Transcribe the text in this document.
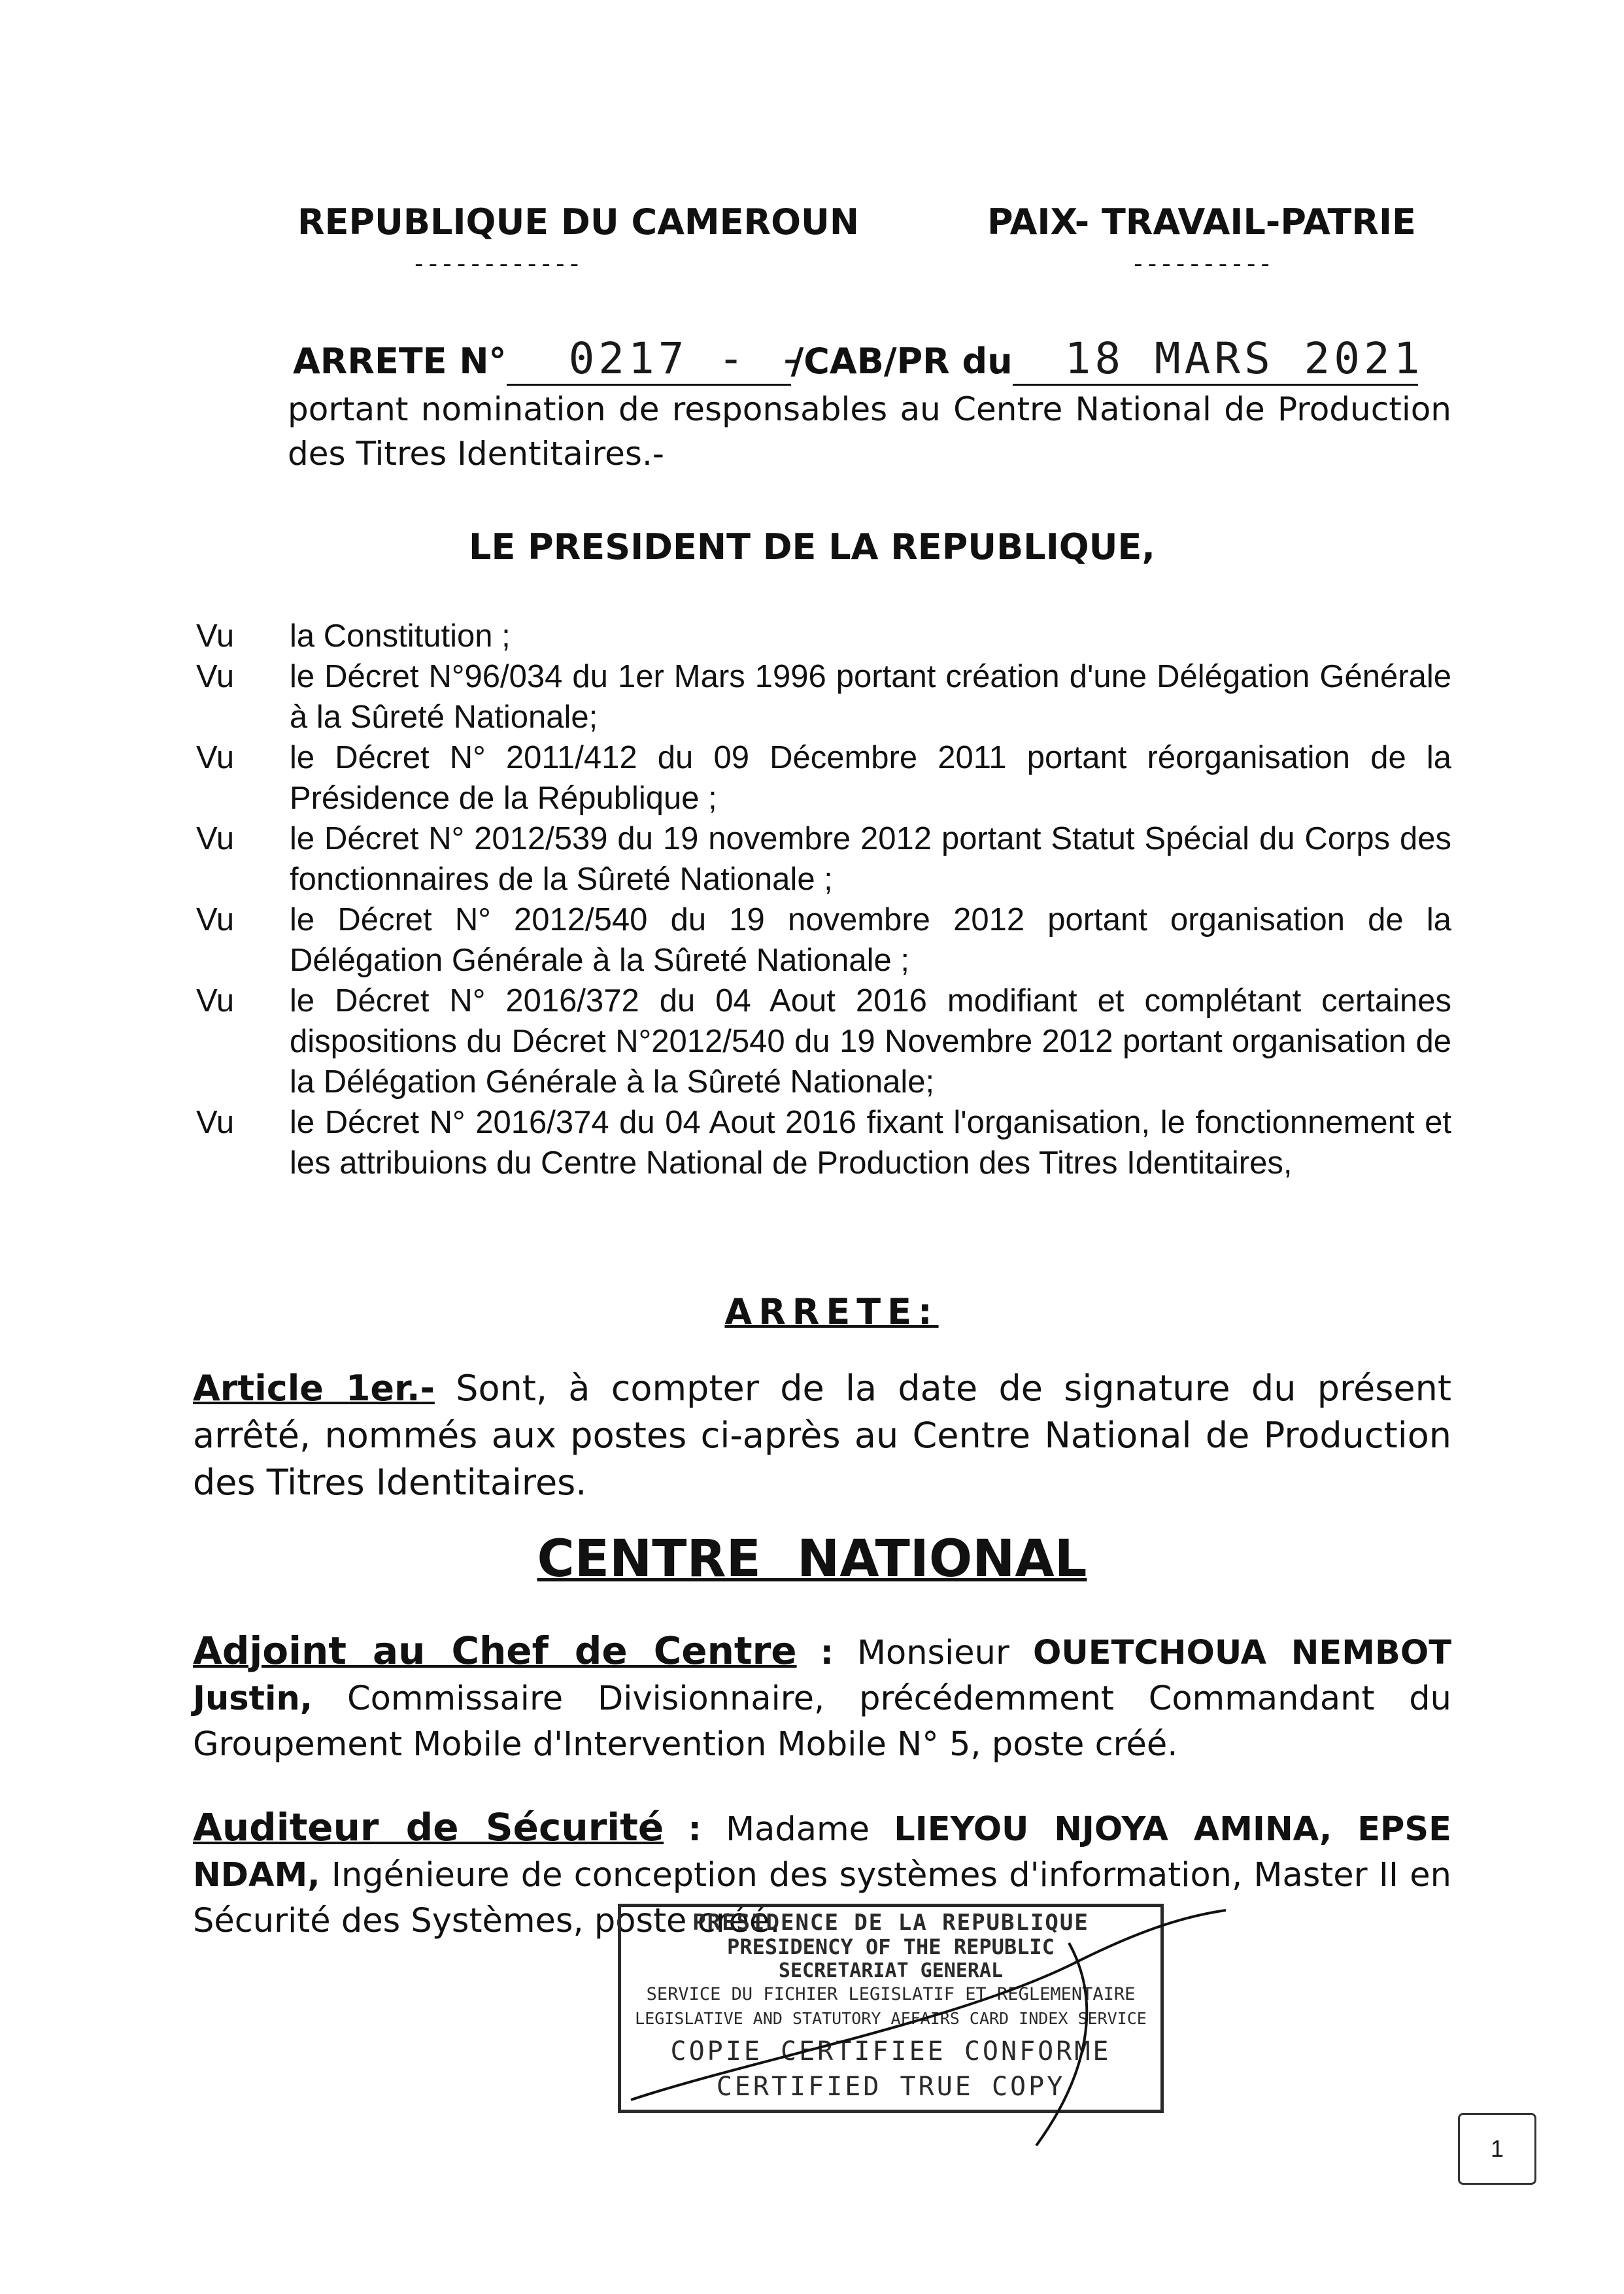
REPUBLIQUE DU CAMEROUN
------------
PAIX- TRAVAIL-PATRIE
----------
ARRETE N° 0217 - -/CAB/PR du 18 MARS 2021
portant nomination de responsables au Centre National de Production des Titres Identitaires.-
LE PRESIDENT DE LA REPUBLIQUE,
Vu la Constitution ;
Vu le Décret N°96/034 du 1er Mars 1996 portant création d'une Délégation Générale à la Sûreté Nationale;
Vu le Décret N° 2011/412 du 09 Décembre 2011 portant réorganisation de la Présidence de la République ;
Vu le Décret N° 2012/539 du 19 novembre 2012 portant Statut Spécial du Corps des fonctionnaires de la Sûreté Nationale ;
Vu le Décret N° 2012/540 du 19 novembre 2012 portant organisation de la Délégation Générale à la Sûreté Nationale ;
Vu le Décret N° 2016/372 du 04 Aout 2016 modifiant et complétant certaines dispositions du Décret N°2012/540 du 19 Novembre 2012 portant organisation de la Délégation Générale à la Sûreté Nationale;
Vu le Décret N° 2016/374 du 04 Aout 2016 fixant l'organisation, le fonctionnement et les attribuions du Centre National de Production des Titres Identitaires,
ARRETE:
Article 1er.- Sont, à compter de la date de signature du présent arrêté, nommés aux postes ci-après au Centre National de Production des Titres Identitaires.
CENTRE NATIONAL
Adjoint au Chef de Centre : Monsieur OUETCHOUA NEMBOT Justin, Commissaire Divisionnaire, précédemment Commandant du Groupement Mobile d'Intervention Mobile N° 5, poste créé.
Auditeur de Sécurité : Madame LIEYOU NJOYA AMINA, EPSE NDAM, Ingénieure de conception des systèmes d'information, Master II en Sécurité des Systèmes, poste créé.
PRESIDENCE DE LA REPUBLIQUE
PRESIDENCY OF THE REPUBLIC
SECRETARIAT GENERAL
SERVICE DU FICHIER LEGISLATIF ET REGLEMENTAIRE
LEGISLATIVE AND STATUTORY AFFAIRS CARD INDEX SERVICE
COPIE CERTIFIEE CONFORME
CERTIFIED TRUE COPY
1
